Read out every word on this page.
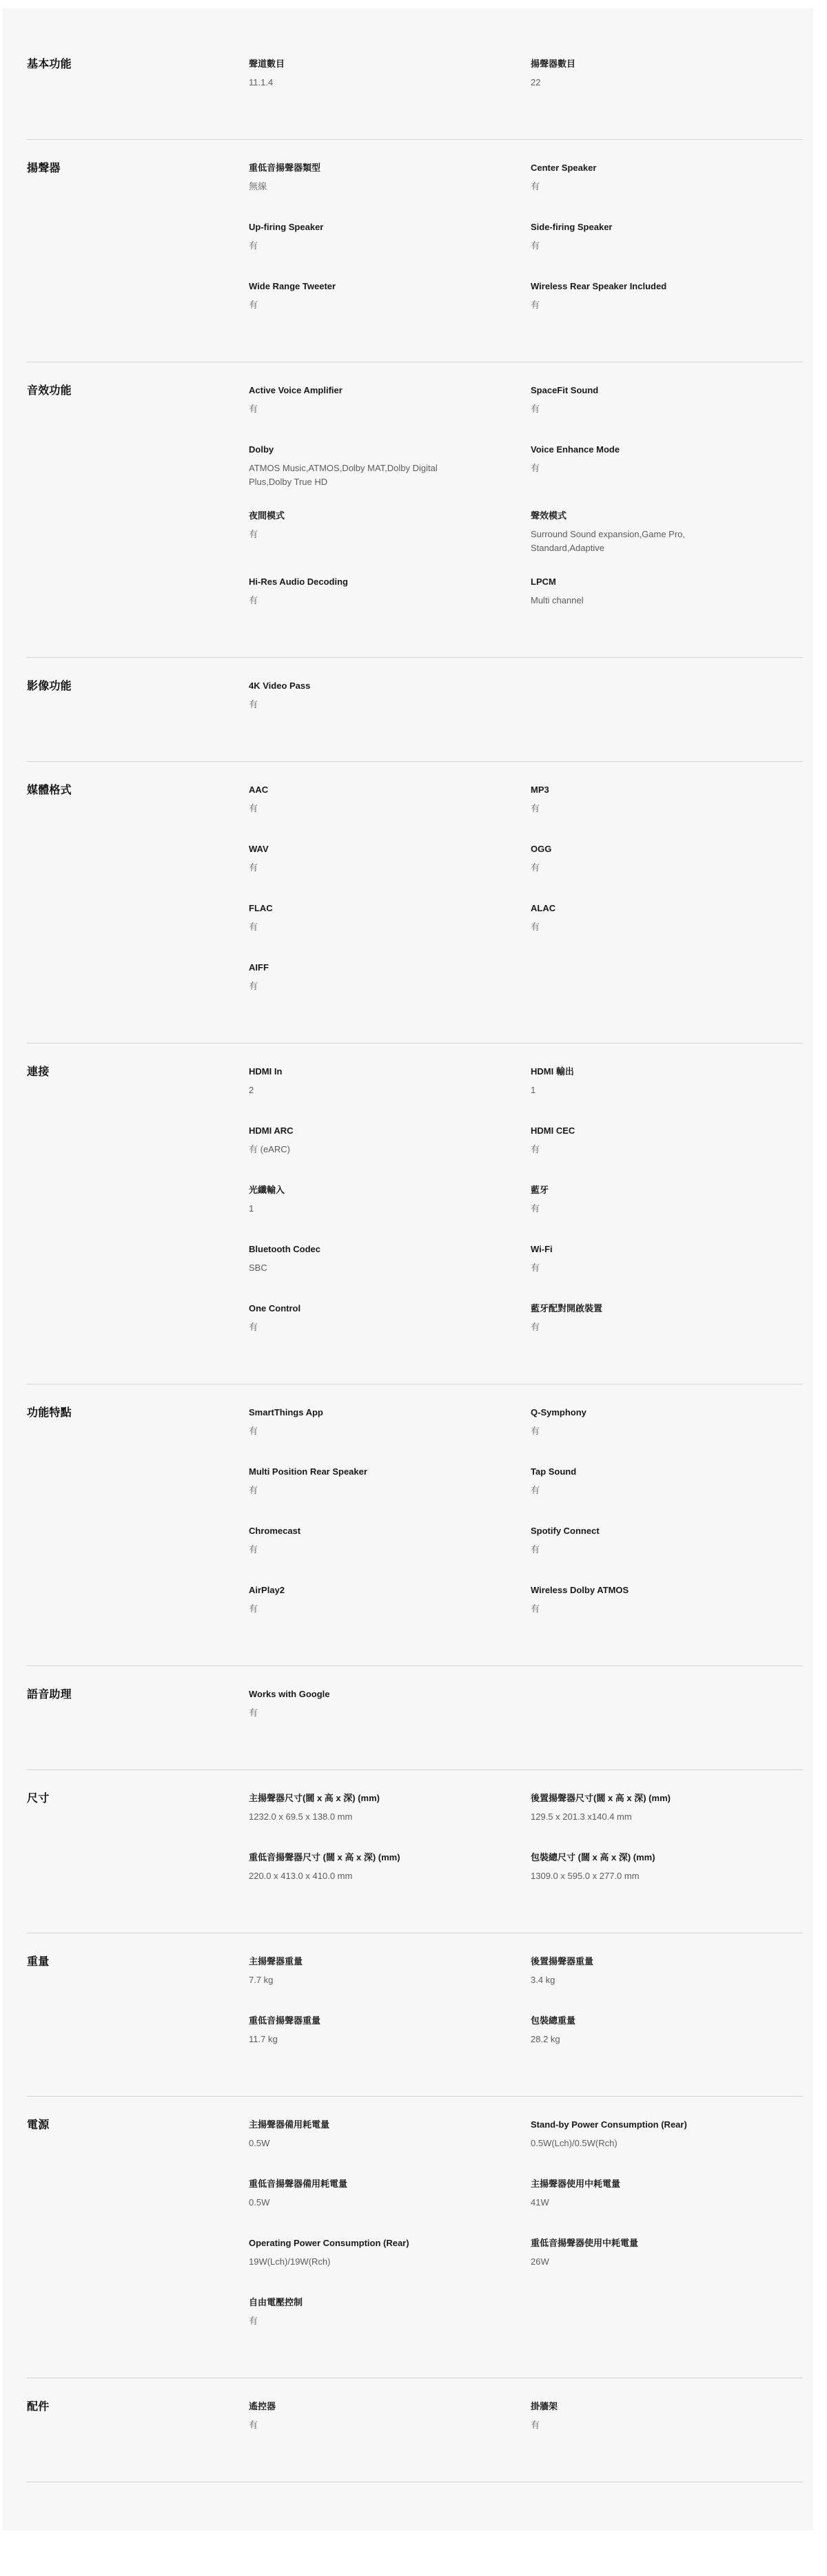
基本功能	聲道數目
11.1.4
揚聲器數目
22
揚聲器	重低音揚聲器類型
無線
Center Speaker
有
Up-firing Speaker
有
Side-firing Speaker
有
Wide Range Tweeter
有
Wireless Rear Speaker Included
有
音效功能	Active Voice Amplifier
有
SpaceFit Sound
有
Dolby
ATMOS Music,ATMOS,Dolby MAT,Dolby Digital Plus,Dolby True HD
Voice Enhance Mode
有
夜間模式
有
聲效模式
Surround Sound expansion,Game Pro, Standard,Adaptive
Hi-Res Audio Decoding
有
LPCM
Multi channel
影像功能	4K Video Pass
有
媒體格式	AAC
有
MP3
有
WAV
有
OGG
有
FLAC
有
ALAC
有
AIFF
有
連接	HDMI In
2
HDMI 輸出
1
HDMI ARC
有 (eARC)
HDMI CEC
有
光纖輸入
1
藍牙
有
Bluetooth Codec
SBC
Wi-Fi
有
One Control
有
藍牙配對開啟裝置
有
功能特點	SmartThings App
有
Q-Symphony
有
Multi Position Rear Speaker
有
Tap Sound
有
Chromecast
有
Spotify Connect
有
AirPlay2
有
Wireless Dolby ATMOS
有
語音助理	Works with Google
有
尺寸	主揚聲器尺寸(闊 x 高 x 深) (mm)
1232.0 x 69.5 x 138.0 mm
後置揚聲器尺寸(闊 x 高 x 深) (mm)
129.5 x 201.3 x140.4 mm
重低音揚聲器尺寸 (闊 x 高 x 深) (mm)
220.0 x 413.0 x 410.0 mm
包裝總尺寸 (闊 x 高 x 深) (mm)
1309.0 x 595.0 x 277.0 mm
重量	主揚聲器重量
7.7 kg
後置揚聲器重量
3.4 kg
重低音揚聲器重量
11.7 kg
包裝總重量
28.2 kg
電源	主揚聲器備用耗電量
0.5W
Stand-by Power Consumption (Rear)
0.5W(Lch)/0.5W(Rch)
重低音揚聲器備用耗電量
0.5W
主揚聲器使用中耗電量
41W
Operating Power Consumption (Rear)
19W(Lch)/19W(Rch)
重低音揚聲器使用中耗電量
26W
自由電壓控制
有
配件	遙控器
有
掛牆架
有
